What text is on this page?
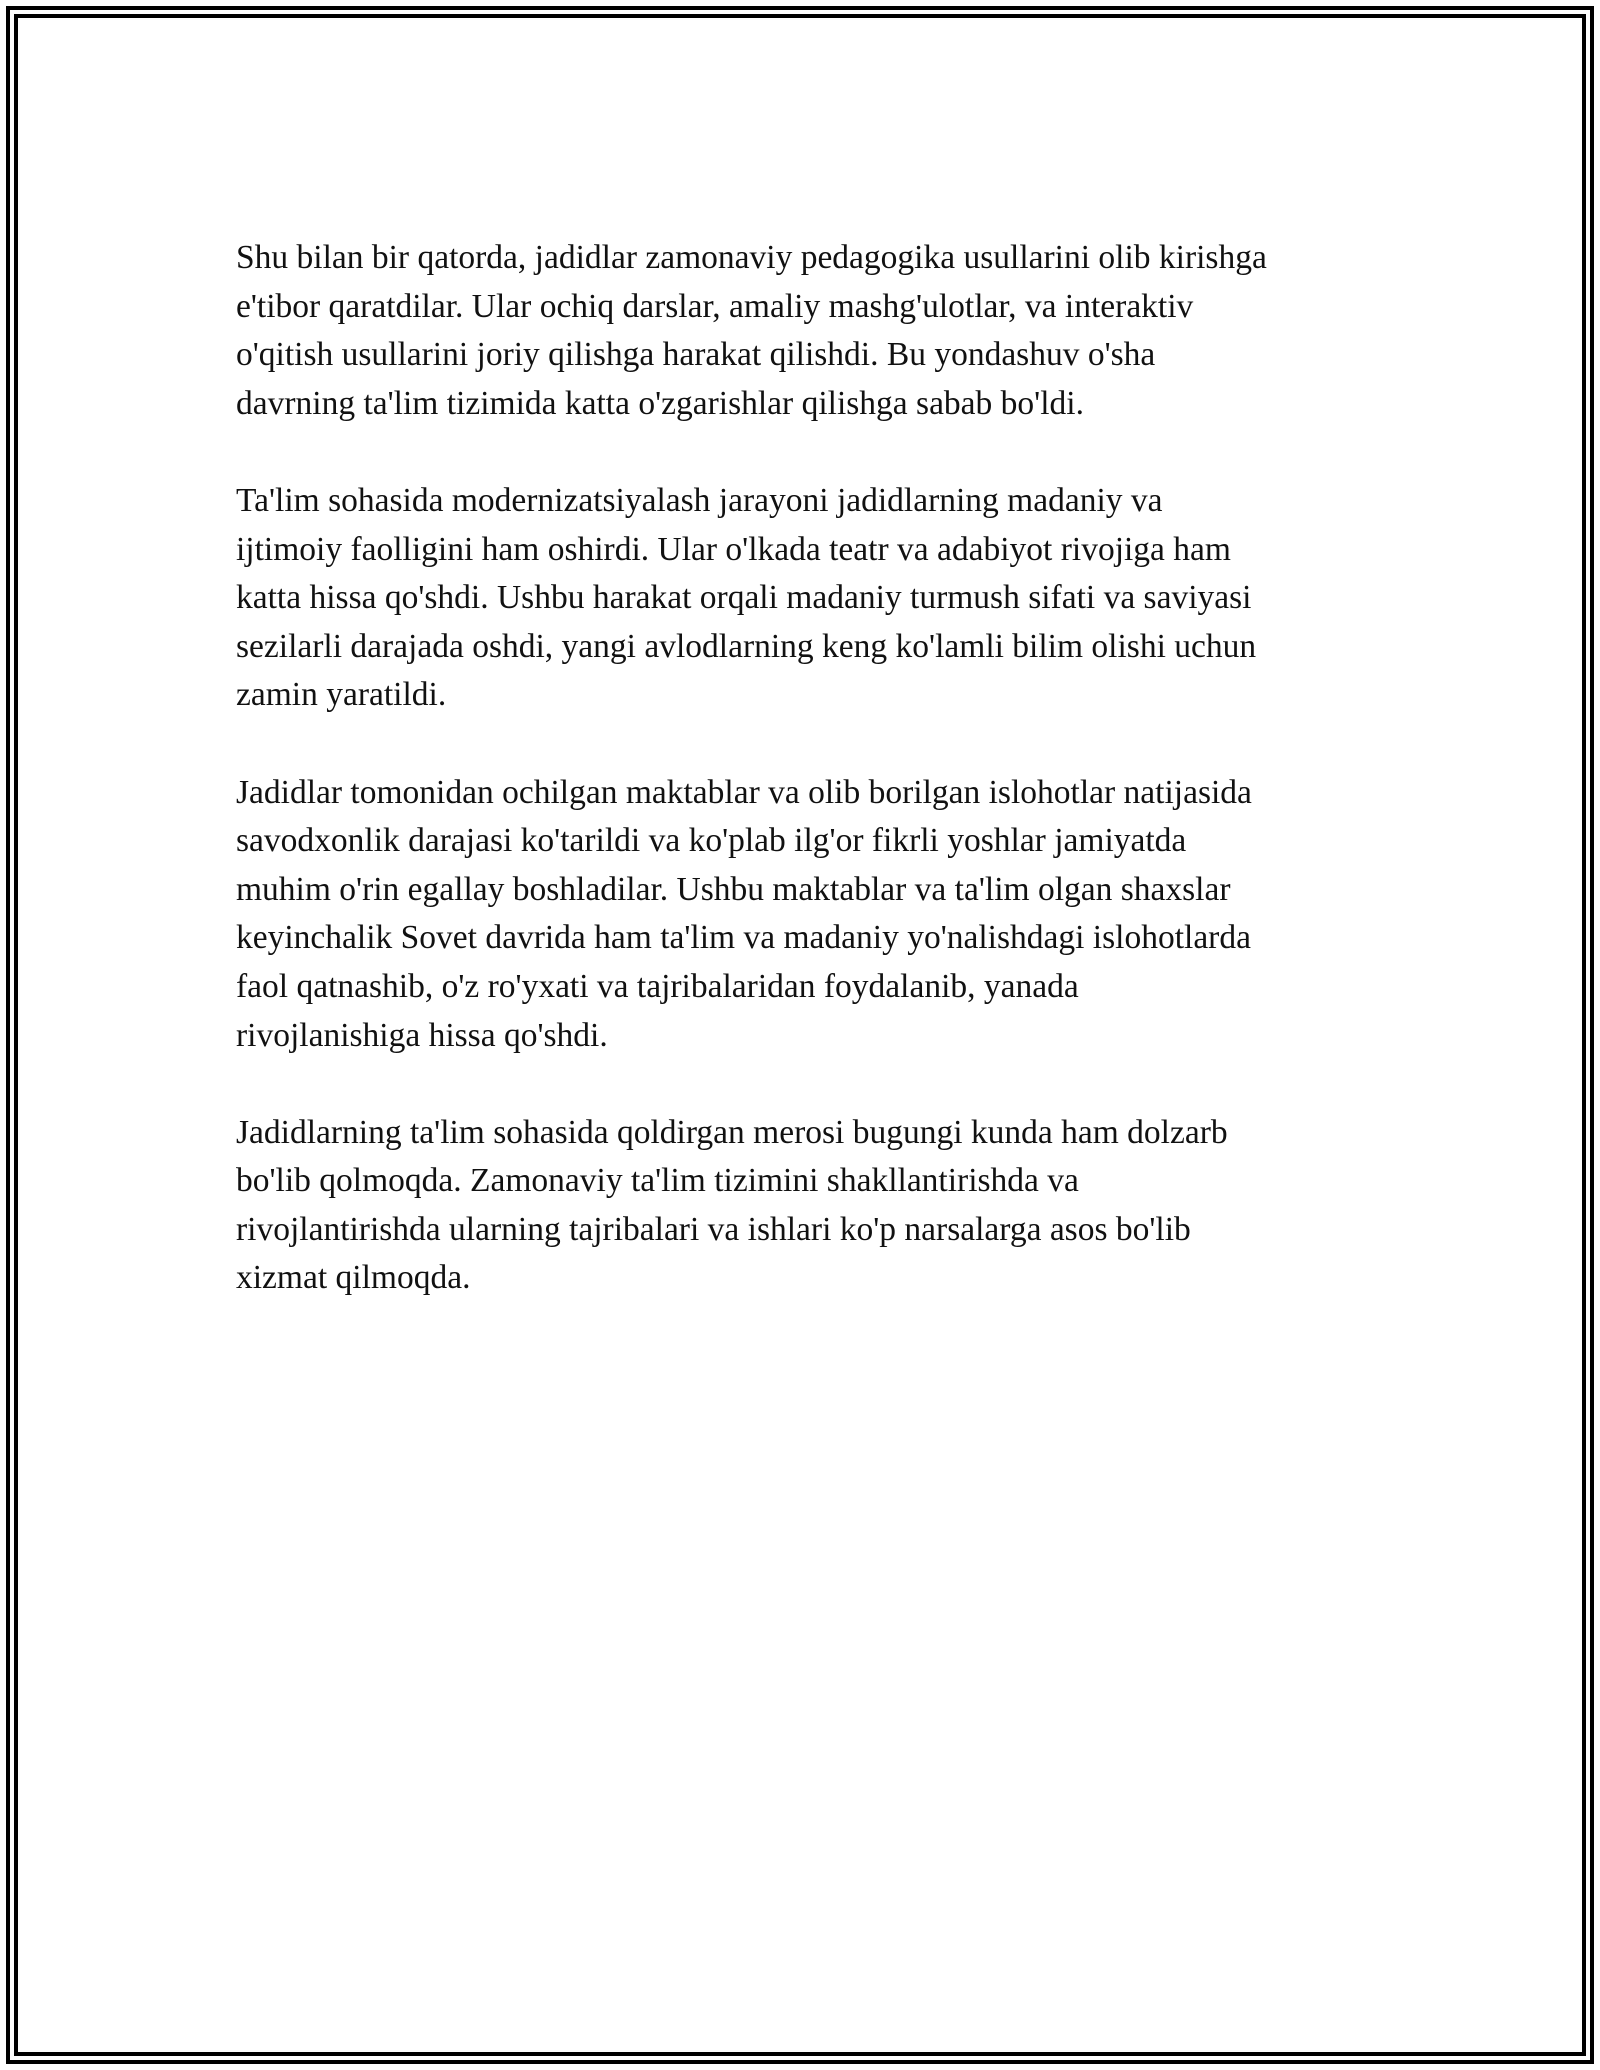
Shu bilan bir qatorda, jadidlar zamonaviy pedagogika usullarini olib kirishga
e'tibor qaratdilar. Ular ochiq darslar, amaliy mashg'ulotlar, va interaktiv
o'qitish usullarini joriy qilishga harakat qilishdi. Bu yondashuv o'sha
davrning ta'lim tizimida katta o'zgarishlar qilishga sabab bo'ldi.

Ta'lim sohasida modernizatsiyalash jarayoni jadidlarning madaniy va
ijtimoiy faolligini ham oshirdi. Ular o'lkada teatr va adabiyot rivojiga ham
katta hissa qo'shdi. Ushbu harakat orqali madaniy turmush sifati va saviyasi
sezilarli darajada oshdi, yangi avlodlarning keng ko'lamli bilim olishi uchun
zamin yaratildi.

Jadidlar tomonidan ochilgan maktablar va olib borilgan islohotlar natijasida
savodxonlik darajasi ko'tarildi va ko'plab ilg'or fikrli yoshlar jamiyatda
muhim o'rin egallay boshladilar. Ushbu maktablar va ta'lim olgan shaxslar
keyinchalik Sovet davrida ham ta'lim va madaniy yo'nalishdagi islohotlarda
faol qatnashib, o'z ro'yxati va tajribalaridan foydalanib, yanada
rivojlanishiga hissa qo'shdi.

Jadidlarning ta'lim sohasida qoldirgan merosi bugungi kunda ham dolzarb
bo'lib qolmoqda. Zamonaviy ta'lim tizimini shakllantirishda va
rivojlantirishda ularning tajribalari va ishlari ko'p narsalarga asos bo'lib
xizmat qilmoqda.
